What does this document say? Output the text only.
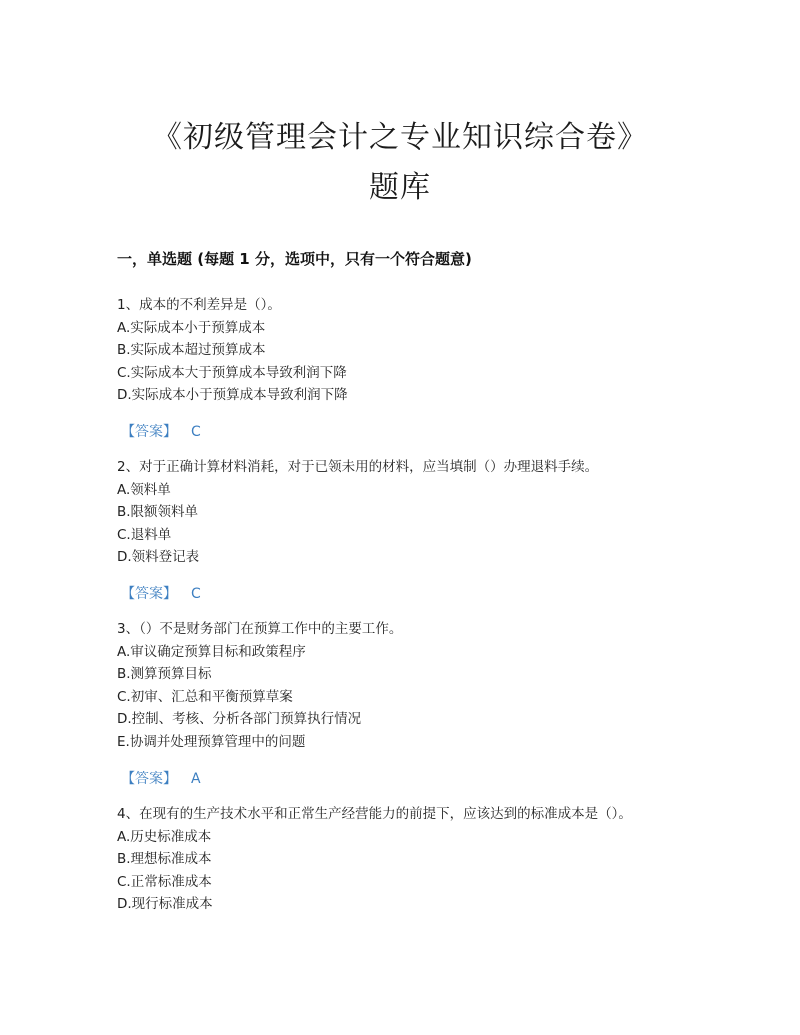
《初级管理会计之专业知识综合卷》
题库
一，单选题 (每题 1 分，选项中，只有一个符合题意)
1、成本的不利差异是（）。
A.实际成本小于预算成本
B.实际成本超过预算成本
C.实际成本大于预算成本导致利润下降
D.实际成本小于预算成本导致利润下降
【答案】 C
2、对于正确计算材料消耗，对于已领未用的材料，应当填制（）办理退料手续。
A.领料单
B.限额领料单
C.退料单
D.领料登记表
【答案】 C
3、（）不是财务部门在预算工作中的主要工作。
A.审议确定预算目标和政策程序
B.测算预算目标
C.初审、汇总和平衡预算草案
D.控制、考核、分析各部门预算执行情况
E.协调并处理预算管理中的问题
【答案】 A
4、在现有的生产技术水平和正常生产经营能力的前提下，应该达到的标准成本是（）。
A.历史标准成本
B.理想标准成本
C.正常标准成本
D.现行标准成本
